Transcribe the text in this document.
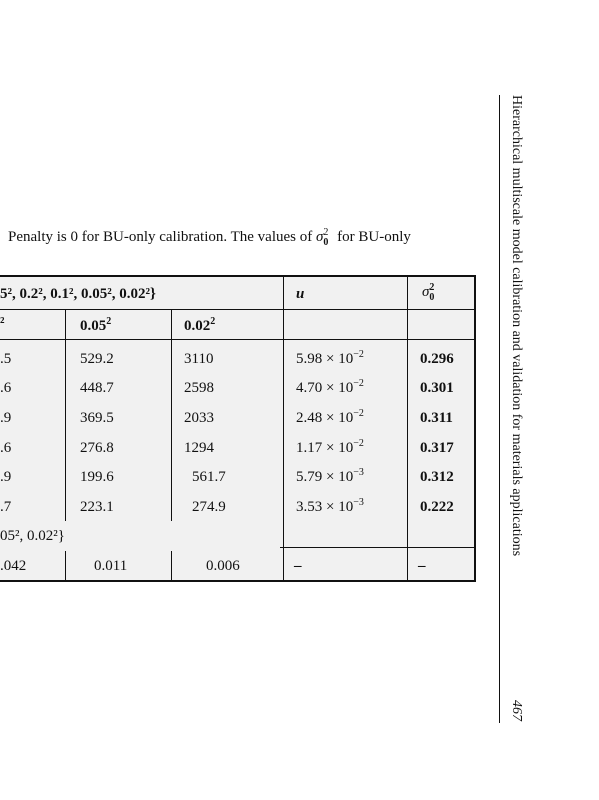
Penalty is 0 for BU-only calibration. The values of $\sigma^2_0$ for BU-only
5², 0.2², 0.1², 0.05², 0.02²}	u	$\sigma^2_0$
²	0.05$^2$	0.02$^2$
.5	529.2	3110	$5.98 \times 10^{-2}$	0.296
.6	448.7	2598	$4.70 \times 10^{-2}$	0.301
.9	369.5	2033	$2.48 \times 10^{-2}$	0.311
.6	276.8	1294	$1.17 \times 10^{-2}$	0.317
.9	199.6	561.7	$5.79 \times 10^{-3}$	0.312
.7	223.1	274.9	$3.53 \times 10^{-3}$	0.222
05², 0.02²}
.042	0.011	0.006	–	–
Hierarchical multiscale model calibration and validation for materials applications
467
